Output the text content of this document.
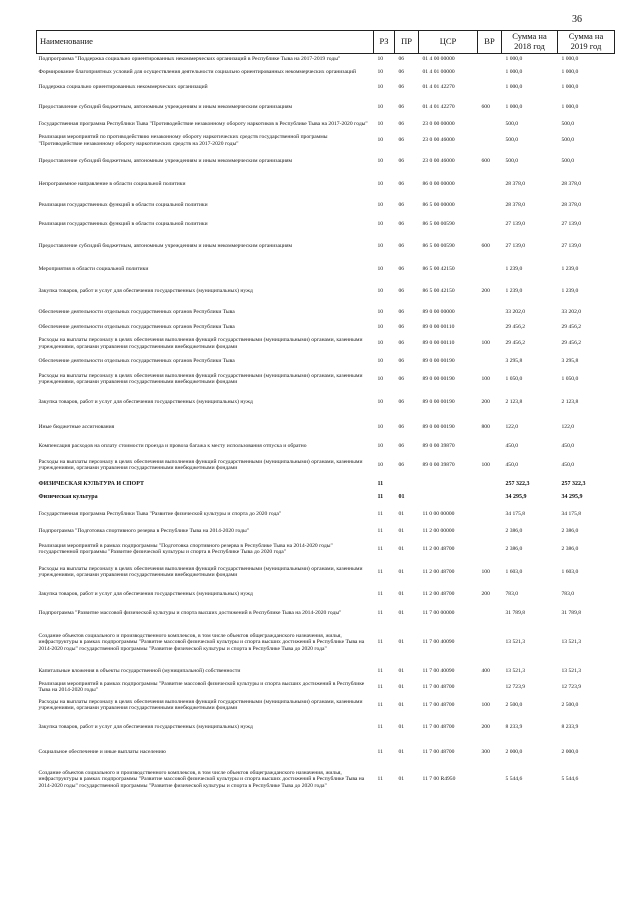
36
Наименование	РЗ	ПР	ЦСР	ВР	Сумма на 2018 год	Сумма на 2019 год
Подпрограмма "Поддержка социально ориентированных некоммерческих организаций в Республике Тыва на 2017-2019 годы"	10	06	01 4 00 00000		1 000,0	1 000,0
Формирование благоприятных условий для осуществления деятельности социально ориентированных некоммерческих организаций	10	06	01 4 01 00000		1 000,0	1 000,0
Поддержка социально ориентированных некоммерческих организаций	10	06	01 4 01 42270		1 000,0	1 000,0
Предоставление субсидий бюджетным, автономным учреждениям и иным некоммерческим организациям	10	06	01 4 01 42270	600	1 000,0	1 000,0
Государственная программа Республики Тыва "Противодействие незаконному обороту наркотиков в Республике Тыва на 2017-2020 годы"	10	06	23 0 00 00000		500,0	500,0
Реализация мероприятий по противодействию незаконному обороту наркотических средств государственной программы "Противодействие незаконному обороту наркотических средств на 2017-2020 годы"	10	06	23 0 00 46000		500,0	500,0
Предоставление субсидий бюджетным, автономным учреждениям и иным некоммерческим организациям	10	06	23 0 00 46000	600	500,0	500,0
Непрограммное направление в области социальной политики	10	06	86 0 00 00000		28 378,0	28 378,0
Реализация государственных функций в области социальной политики	10	06	86 5 00 00000		28 378,0	28 378,0
Реализация государственных функций в области социальной политики	10	06	86 5 00 00590		27 139,0	27 139,0
Предоставление субсидий бюджетным, автономным учреждениям и иным некоммерческим организациям	10	06	86 5 00 00590	600	27 139,0	27 139,0
Мероприятия в области социальной политики	10	06	86 5 00 42150		1 239,0	1 239,0
Закупка товаров, работ и услуг для обеспечения государственных (муниципальных) нужд	10	06	86 5 00 42150	200	1 239,0	1 239,0
Обеспечение деятельности отдельных государственных органов Республики Тыва	10	06	89 0 00 00000		33 202,0	33 202,0
Обеспечение деятельности отдельных государственных органов Республики Тыва	10	06	89 0 00 00110		29 456,2	29 456,2
Расходы на выплаты персоналу в целях обеспечения выполнения функций государственными (муниципальными) органами, казенными учреждениями, органами управления государственными внебюджетными фондами	10	06	89 0 00 00110	100	29 456,2	29 456,2
Обеспечение деятельности отдельных государственных органов Республики Тыва	10	06	89 0 00 00190		3 295,8	3 295,8
Расходы на выплаты персоналу в целях обеспечения выполнения функций государственными (муниципальными) органами, казенными учреждениями, органами управления государственными внебюджетными фондами	10	06	89 0 00 00190	100	1 050,0	1 050,0
Закупка товаров, работ и услуг для обеспечения государственных (муниципальных) нужд	10	06	89 0 00 00190	200	2 123,8	2 123,8
Иные бюджетные ассигнования	10	06	89 0 00 00190	800	122,0	122,0
Компенсация расходов на оплату стоимости проезда и провоза багажа к месту использования отпуска и обратно	10	06	89 0 00 39870		450,0	450,0
Расходы на выплаты персоналу в целях обеспечения выполнения функций государственными (муниципальными) органами, казенными учреждениями, органами управления государственными внебюджетными фондами	10	06	89 0 00 39870	100	450,0	450,0
ФИЗИЧЕСКАЯ КУЛЬТУРА И СПОРТ	11				257 322,3	257 322,3
Физическая культура	11	01			34 295,9	34 295,9
Государственная программа Республики Тыва "Развитие физической культуры и спорта до 2020 года"	11	01	11 0 00 00000		34 175,8	34 175,8
Подпрограмма "Подготовка спортивного резерва в Республике Тыва на 2014-2020 годы"	11	01	11 2 00 00000		2 386,0	2 386,0
Реализация мероприятий в рамках подпрограммы "Подготовка спортивного резерва в Республике Тыва на 2014-2020 годы" государственной программы "Развитие физической культуры и спорта в Республике Тыва до 2020 года"	11	01	11 2 00 48700		2 386,0	2 386,0
Расходы на выплаты персоналу в целях обеспечения выполнения функций государственными (муниципальными) органами, казенными учреждениями, органами управления государственными внебюджетными фондами	11	01	11 2 00 48700	100	1 603,0	1 603,0
Закупка товаров, работ и услуг для обеспечения государственных (муниципальных) нужд	11	01	11 2 00 48700	200	783,0	783,0
Подпрограмма "Развитие массовой физической культуры и спорта высших достижений в Республике Тыва на 2014-2020 годы"	11	01	11 7 00 00000		31 789,8	31 789,8
Создание объектов социального и производственного комплексов, в том числе объектов общегражданского назначения, жилья, инфраструктуры в рамках подпрограммы "Развитие массовой физической культуры и спорта высших достижений в Республике Тыва на 2014-2020 годы" государственной программы "Развитие физической культуры и спорта в Республике Тыва до 2020 года"	11	01	11 7 00 40090		13 521,3	13 521,3
Капитальные вложения в объекты государственной (муниципальной) собственности	11	01	11 7 00 40090	400	13 521,3	13 521,3
Реализация мероприятий в рамках подпрограммы "Развитие массовой физической культуры и спорта высших достижений в Республике Тыва на 2014-2020 годы"	11	01	11 7 00 48700		12 723,9	12 723,9
Расходы на выплаты персоналу в целях обеспечения выполнения функций государственными (муниципальными) органами, казенными учреждениями, органами управления государственными внебюджетными фондами	11	01	11 7 00 48700	100	2 500,0	2 500,0
Закупка товаров, работ и услуг для обеспечения государственных (муниципальных) нужд	11	01	11 7 00 48700	200	8 233,9	8 233,9
Социальное обеспечение и иные выплаты населению	11	01	11 7 00 48700	300	2 000,0	2 000,0
Создание объектов социального и производственного комплексов, в том числе объектов общегражданского назначения, жилья, инфраструктуры в рамках подпрограммы "Развитие массовой физической культуры и спорта высших достижений в Республике Тыва на 2014-2020 годы" государственной программы "Развитие физической культуры и спорта в Республике Тыва до 2020 года"	11	01	11 7 00 R4950		5 544,6	5 544,6
